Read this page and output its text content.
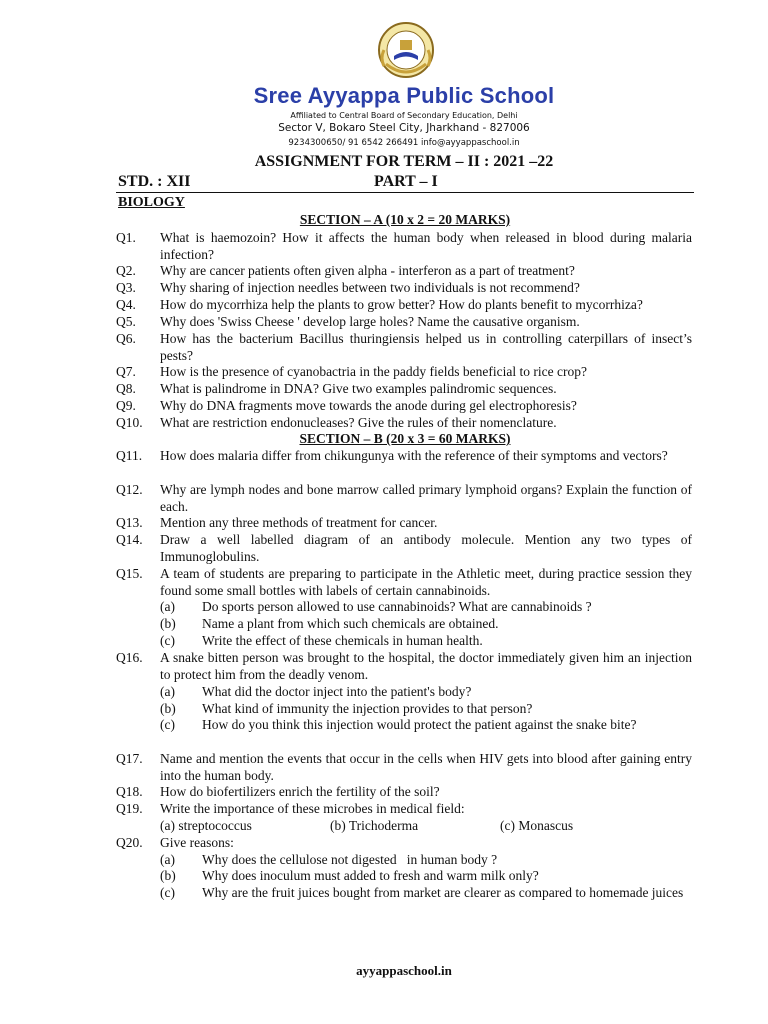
Sree Ayyappa Public School
Affiliated to Central Board of Secondary Education, Delhi
Sector V, Bokaro Steel City, Jharkhand - 827006
9234300650/ 91 6542 266491 info@ayyappaschool.in
ASSIGNMENT FOR TERM – II : 2021 –22
STD. : XII	PART – I
BIOLOGY
SECTION – A (10 x 2 = 20 MARKS)
Q1. What is haemozoin? How it affects the human body when released in blood during malaria infection?
Q2. Why are cancer patients often given alpha - interferon as a part of treatment?
Q3. Why sharing of injection needles between two individuals is not recommend?
Q4. How do mycorrhiza help the plants to grow better? How do plants benefit to mycorrhiza?
Q5. Why does 'Swiss Cheese ' develop large holes? Name the causative organism.
Q6. How has the bacterium Bacillus thuringiensis helped us in controlling caterpillars of insect’s pests?
Q7. How is the presence of cyanobactria in the paddy fields beneficial to rice crop?
Q8. What is palindrome in DNA? Give two examples palindromic sequences.
Q9. Why do DNA fragments move towards the anode during gel electrophoresis?
Q10. What are restriction endonucleases? Give the rules of their nomenclature.
SECTION – B (20 x 3 = 60 MARKS)
Q11. How does malaria differ from chikungunya with the reference of their symptoms and vectors?
Q12. Why are lymph nodes and bone marrow called primary lymphoid organs? Explain the function of each.
Q13. Mention any three methods of treatment for cancer.
Q14. Draw a well labelled diagram of an antibody molecule. Mention any two types of Immunoglobulins.
Q15. A team of students are preparing to participate in the Athletic meet, during practice session they found some small bottles with labels of certain cannabinoids.
(a) Do sports person allowed to use cannabinoids? What are cannabinoids ?
(b) Name a plant from which such chemicals are obtained.
(c) Write the effect of these chemicals in human health.
Q16. A snake bitten person was brought to the hospital, the doctor immediately given him an injection to protect him from the deadly venom.
(a) What did the doctor inject into the patient's body?
(b) What kind of immunity the injection provides to that person?
(c) How do you think this injection would protect the patient against the snake bite?
Q17. Name and mention the events that occur in the cells when HIV gets into blood after gaining entry into the human body.
Q18. How do biofertilizers enrich the fertility of the soil?
Q19. Write the importance of these microbes in medical field:
(a) streptococcus	(b) Trichoderma	(c) Monascus
Q20. Give reasons:
(a) Why does the cellulose not digested   in human body ?
(b) Why does inoculum must added to fresh and warm milk only?
(c) Why are the fruit juices bought from market are clearer as compared to homemade juices
ayyappaschool.in
